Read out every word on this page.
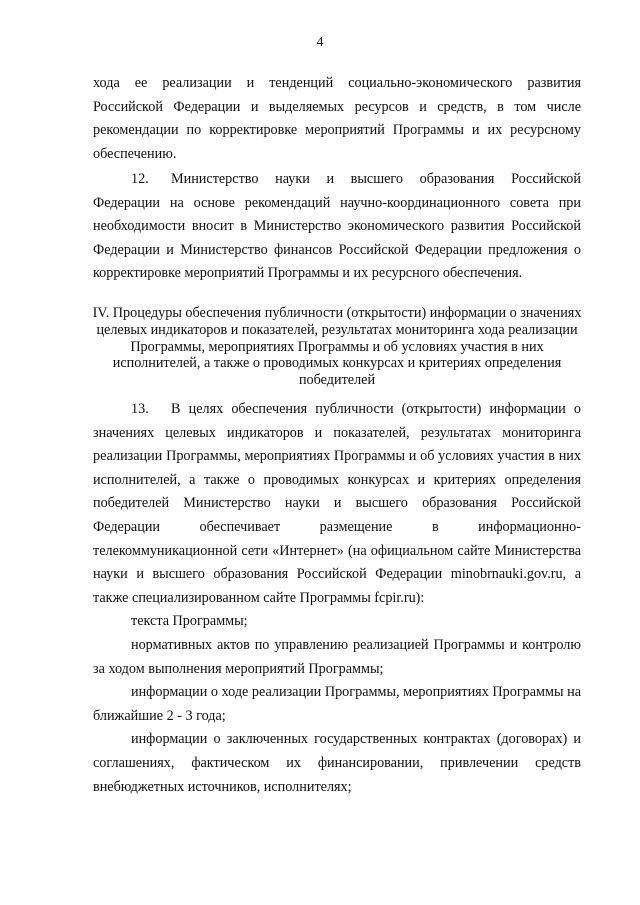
4

хода ее реализации и тенденций социально-экономического развития Российской Федерации и выделяемых ресурсов и средств, в том числе рекомендации по корректировке мероприятий Программы и их ресурсному обеспечению.

12. Министерство науки и высшего образования Российской Федерации на основе рекомендаций научно-координационного совета при необходимости вносит в Министерство экономического развития Российской Федерации и Министерство финансов Российской Федерации предложения о корректировке мероприятий Программы и их ресурсного обеспечения.

IV. Процедуры обеспечения публичности (открытости) информации о значениях целевых индикаторов и показателей, результатах мониторинга хода реализации Программы, мероприятиях Программы и об условиях участия в них исполнителей, а также о проводимых конкурсах и критериях определения победителей

13. В целях обеспечения публичности (открытости) информации о значениях целевых индикаторов и показателей, результатах мониторинга реализации Программы, мероприятиях Программы и об условиях участия в них исполнителей, а также о проводимых конкурсах и критериях определения победителей Министерство науки и высшего образования Российской Федерации обеспечивает размещение в информационно-телекоммуникационной сети «Интернет» (на официальном сайте Министерства науки и высшего образования Российской Федерации minobrnauki.gov.ru, а также специализированном сайте Программы fcpir.ru):

текста Программы;

нормативных актов по управлению реализацией Программы и контролю за ходом выполнения мероприятий Программы;

информации о ходе реализации Программы, мероприятиях Программы на ближайшие 2 - 3 года;

информации о заключенных государственных контрактах (договорах) и соглашениях, фактическом их финансировании, привлечении средств внебюджетных источников, исполнителях;
